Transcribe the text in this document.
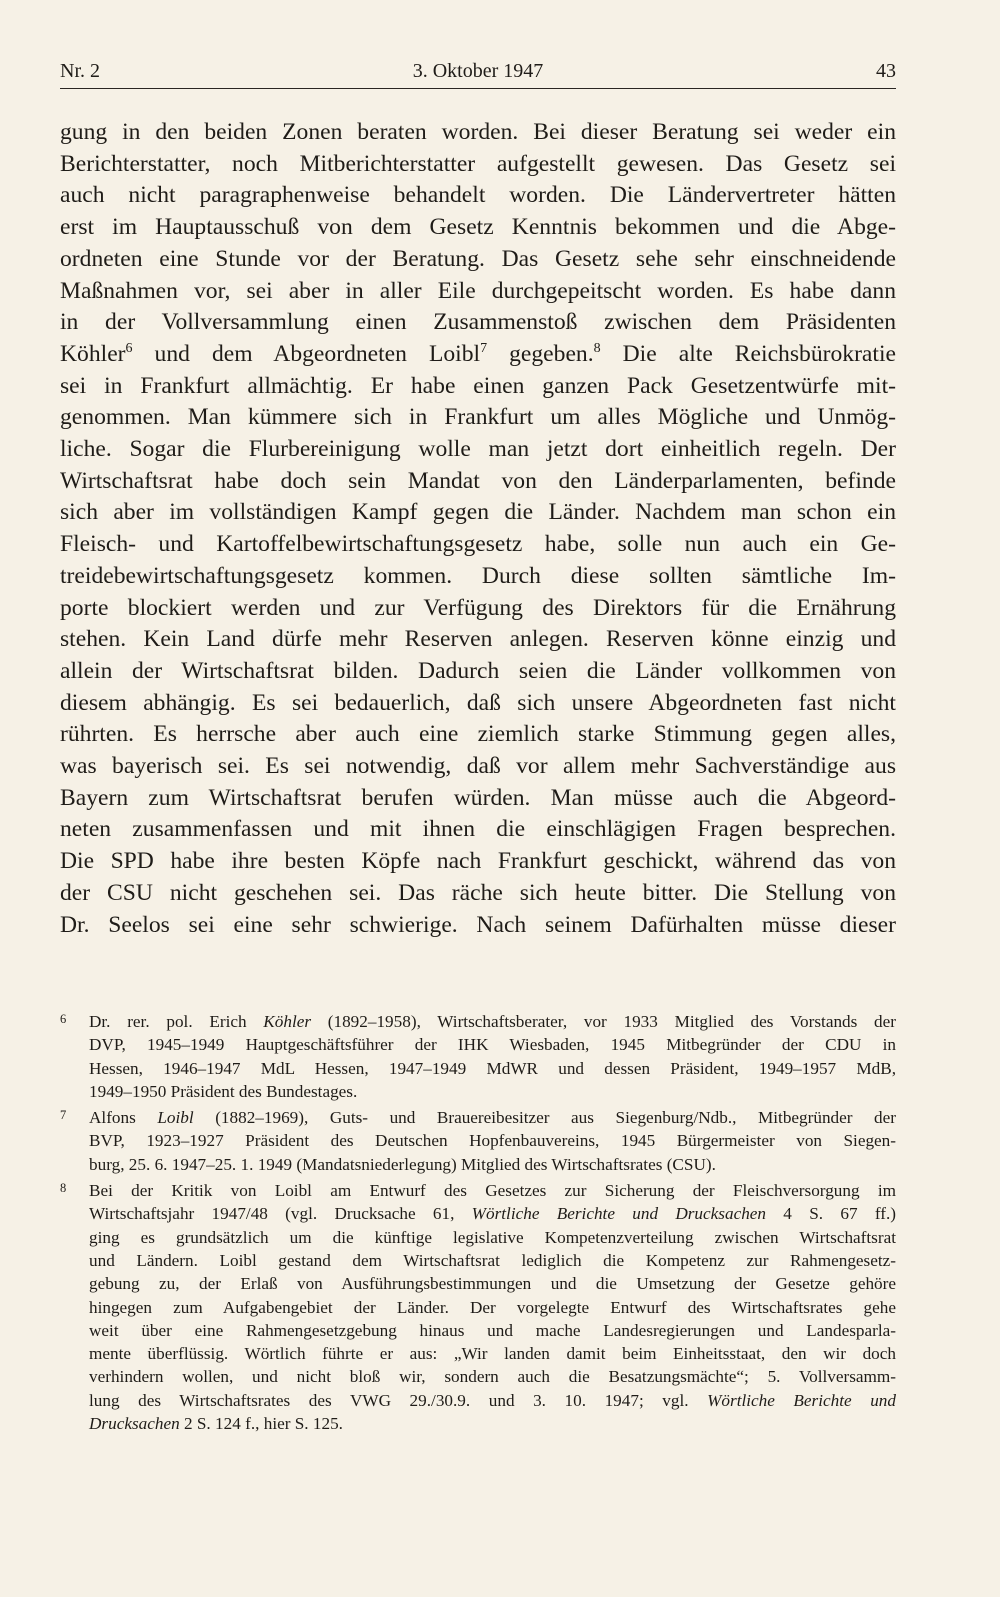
Nr. 2	3. Oktober 1947	43
gung in den beiden Zonen beraten worden. Bei dieser Beratung sei weder ein
Berichterstatter, noch Mitberichterstatter aufgestellt gewesen. Das Gesetz sei
auch nicht paragraphenweise behandelt worden. Die Ländervertreter hätten
erst im Hauptausschuß von dem Gesetz Kenntnis bekommen und die Abge-
ordneten eine Stunde vor der Beratung. Das Gesetz sehe sehr einschneidende
Maßnahmen vor, sei aber in aller Eile durchgepeitscht worden. Es habe dann
in der Vollversammlung einen Zusammenstoß zwischen dem Präsidenten
Köhler$^6$ und dem Abgeordneten Loibl$^7$ gegeben.$^8$ Die alte Reichsbürokratie
sei in Frankfurt allmächtig. Er habe einen ganzen Pack Gesetzentwürfe mit-
genommen. Man kümmere sich in Frankfurt um alles Mögliche und Unmög-
liche. Sogar die Flurbereinigung wolle man jetzt dort einheitlich regeln. Der
Wirtschaftsrat habe doch sein Mandat von den Länderparlamenten, befinde
sich aber im vollständigen Kampf gegen die Länder. Nachdem man schon ein
Fleisch- und Kartoffelbewirtschaftungsgesetz habe, solle nun auch ein Ge-
treidebewirtschaftungsgesetz kommen. Durch diese sollten sämtliche Im-
porte blockiert werden und zur Verfügung des Direktors für die Ernährung
stehen. Kein Land dürfe mehr Reserven anlegen. Reserven könne einzig und
allein der Wirtschaftsrat bilden. Dadurch seien die Länder vollkommen von
diesem abhängig. Es sei bedauerlich, daß sich unsere Abgeordneten fast nicht
rührten. Es herrsche aber auch eine ziemlich starke Stimmung gegen alles,
was bayerisch sei. Es sei notwendig, daß vor allem mehr Sachverständige aus
Bayern zum Wirtschaftsrat berufen würden. Man müsse auch die Abgeord-
neten zusammenfassen und mit ihnen die einschlägigen Fragen besprechen.
Die SPD habe ihre besten Köpfe nach Frankfurt geschickt, während das von
der CSU nicht geschehen sei. Das räche sich heute bitter. Die Stellung von
Dr. Seelos sei eine sehr schwierige. Nach seinem Dafürhalten müsse dieser
6 Dr. rer. pol. Erich Köhler (1892–1958), Wirtschaftsberater, vor 1933 Mitglied des Vorstands der
DVP, 1945–1949 Hauptgeschäftsführer der IHK Wiesbaden, 1945 Mitbegründer der CDU in
Hessen, 1946–1947 MdL Hessen, 1947–1949 MdWR und dessen Präsident, 1949–1957 MdB,
1949–1950 Präsident des Bundestages.
7 Alfons Loibl (1882–1969), Guts- und Brauereibesitzer aus Siegenburg/Ndb., Mitbegründer der
BVP, 1923–1927 Präsident des Deutschen Hopfenbauvereins, 1945 Bürgermeister von Siegen-
burg, 25. 6. 1947–25. 1. 1949 (Mandatsniederlegung) Mitglied des Wirtschaftsrates (CSU).
8 Bei der Kritik von Loibl am Entwurf des Gesetzes zur Sicherung der Fleischversorgung im
Wirtschaftsjahr 1947/48 (vgl. Drucksache 61, Wörtliche Berichte und Drucksachen 4 S. 67 ff.)
ging es grundsätzlich um die künftige legislative Kompetenzverteilung zwischen Wirtschaftsrat
und Ländern. Loibl gestand dem Wirtschaftsrat lediglich die Kompetenz zur Rahmengesetz-
gebung zu, der Erlaß von Ausführungsbestimmungen und die Umsetzung der Gesetze gehöre
hingegen zum Aufgabengebiet der Länder. Der vorgelegte Entwurf des Wirtschaftsrates gehe
weit über eine Rahmengesetzgebung hinaus und mache Landesregierungen und Landesparla-
mente überflüssig. Wörtlich führte er aus: „Wir landen damit beim Einheitsstaat, den wir doch
verhindern wollen, und nicht bloß wir, sondern auch die Besatzungsmächte“; 5. Vollversamm-
lung des Wirtschaftsrates des VWG 29./30.9. und 3. 10. 1947; vgl. Wörtliche Berichte und
Drucksachen 2 S. 124 f., hier S. 125.
